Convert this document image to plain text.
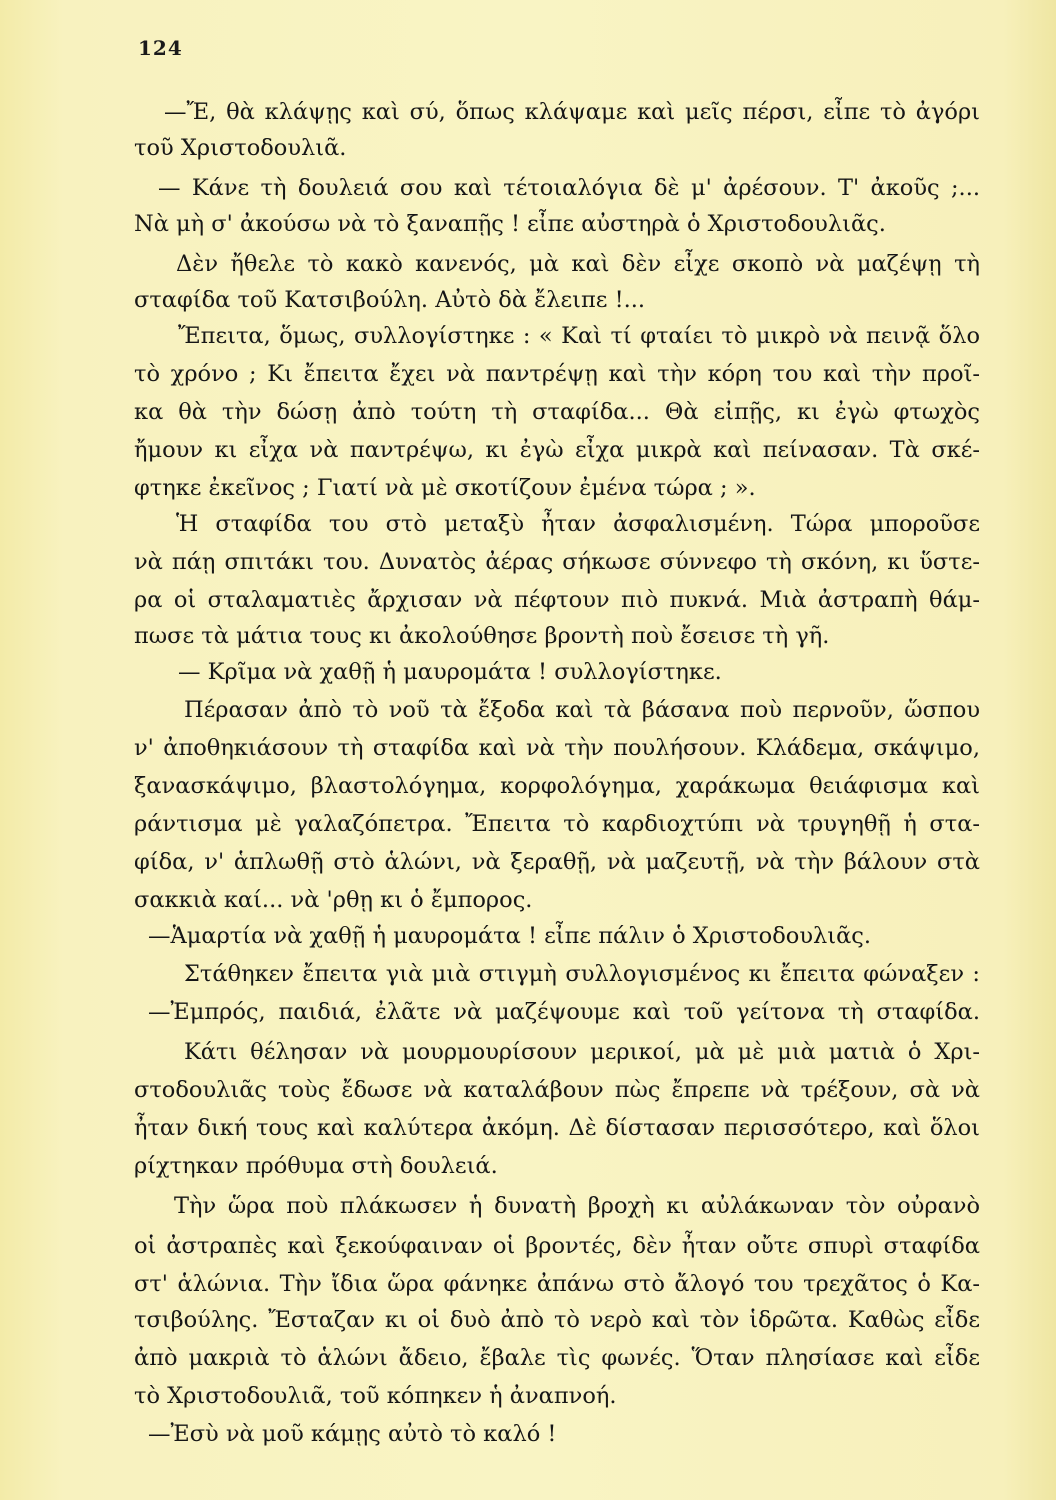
124
—Ἔ, θὰ κλάψῃς καὶ σύ, ὅπως κλάψαμε καὶ μεῖς πέρσι, εἶπε τὸ ἀγόρι
τοῦ Χριστοδουλιᾶ.
— Κάνε τὴ δουλειά σου καὶ τέτοιαλόγια δὲ μ' ἀρέσουν. Τ' ἀκοῦς ;...
Νὰ μὴ σ' ἀκούσω νὰ τὸ ξαναπῇς ! εἶπε αὐστηρὰ ὁ Χριστοδουλιᾶς.
Δὲν ἤθελε τὸ κακὸ κανενός, μὰ καὶ δὲν εἶχε σκοπὸ νὰ μαζέψῃ τὴ
σταφίδα τοῦ Κατσιβούλη. Αὐτὸ δὰ ἔλειπε !...
Ἔπειτα, ὅμως, συλλογίστηκε : « Καὶ τί φταίει τὸ μικρὸ νὰ πεινᾷ ὅλο
τὸ χρόνο ; Κι ἔπειτα ἔχει νὰ παντρέψῃ καὶ τὴν κόρη του καὶ τὴν προῖ-
κα θὰ τὴν δώσῃ ἀπὸ τούτη τὴ σταφίδα... Θὰ εἰπῇς, κι ἐγὼ φτωχὸς
ἤμουν κι εἶχα νὰ παντρέψω, κι ἐγὼ εἶχα μικρὰ καὶ πείνασαν. Τὰ σκέ-
φτηκε ἐκεῖνος ; Γιατί νὰ μὲ σκοτίζουν ἐμένα τώρα ; ».
Ἡ σταφίδα του στὸ μεταξὺ ἦταν ἀσφαλισμένη. Τώρα μποροῦσε
νὰ πάῃ σπιτάκι του. Δυνατὸς ἀέρας σήκωσε σύννεφο τὴ σκόνη, κι ὕστε-
ρα οἱ σταλαματιὲς ἄρχισαν νὰ πέφτουν πιὸ πυκνά. Μιὰ ἀστραπὴ θάμ-
πωσε τὰ μάτια τους κι ἀκολούθησε βροντὴ ποὺ ἔσεισε τὴ γῆ.
— Κρῖμα νὰ χαθῇ ἡ μαυρομάτα ! συλλογίστηκε.
Πέρασαν ἀπὸ τὸ νοῦ τὰ ἔξοδα καὶ τὰ βάσανα ποὺ περνοῦν, ὥσπου
ν' ἀποθηκιάσουν τὴ σταφίδα καὶ νὰ τὴν πουλήσουν. Κλάδεμα, σκάψιμο,
ξανασκάψιμο, βλαστολόγημα, κορφολόγημα, χαράκωμα θειάφισμα καὶ
ράντισμα μὲ γαλαζόπετρα. Ἔπειτα τὸ καρδιοχτύπι νὰ τρυγηθῇ ἡ στα-
φίδα, ν' ἁπλωθῇ στὸ ἁλώνι, νὰ ξεραθῇ, νὰ μαζευτῇ, νὰ τὴν βάλουν στὰ
σακκιὰ καί... νὰ 'ρθῃ κι ὁ ἔμπορος.
—Ἁμαρτία νὰ χαθῇ ἡ μαυρομάτα ! εἶπε πάλιν ὁ Χριστοδουλιᾶς.
Στάθηκεν ἔπειτα γιὰ μιὰ στιγμὴ συλλογισμένος κι ἔπειτα φώναξεν :
—Ἐμπρός, παιδιά, ἐλᾶτε νὰ μαζέψουμε καὶ τοῦ γείτονα τὴ σταφίδα.
Κάτι θέλησαν νὰ μουρμουρίσουν μερικοί, μὰ μὲ μιὰ ματιὰ ὁ Χρι-
στοδουλιᾶς τοὺς ἔδωσε νὰ καταλάβουν πὼς ἔπρεπε νὰ τρέξουν, σὰ νὰ
ἦταν δική τους καὶ καλύτερα ἀκόμη. Δὲ δίστασαν περισσότερο, καὶ ὅλοι
ρίχτηκαν πρόθυμα στὴ δουλειά.
Τὴν ὥρα ποὺ πλάκωσεν ἡ δυνατὴ βροχὴ κι αὐλάκωναν τὸν οὐρανὸ
οἱ ἀστραπὲς καὶ ξεκούφαιναν οἱ βροντές, δὲν ἦταν οὔτε σπυρὶ σταφίδα
στ' ἁλώνια. Τὴν ἴδια ὥρα φάνηκε ἀπάνω στὸ ἄλογό του τρεχᾶτος ὁ Κα-
τσιβούλης. Ἔσταζαν κι οἱ δυὸ ἀπὸ τὸ νερὸ καὶ τὸν ἱδρῶτα. Καθὼς εἶδε
ἀπὸ μακριὰ τὸ ἁλώνι ἄδειο, ἔβαλε τὶς φωνές. Ὅταν πλησίασε καὶ εἶδε
τὸ Χριστοδουλιᾶ, τοῦ κόπηκεν ἡ ἀναπνοή.
—Ἐσὺ νὰ μοῦ κάμῃς αὐτὸ τὸ καλό !
